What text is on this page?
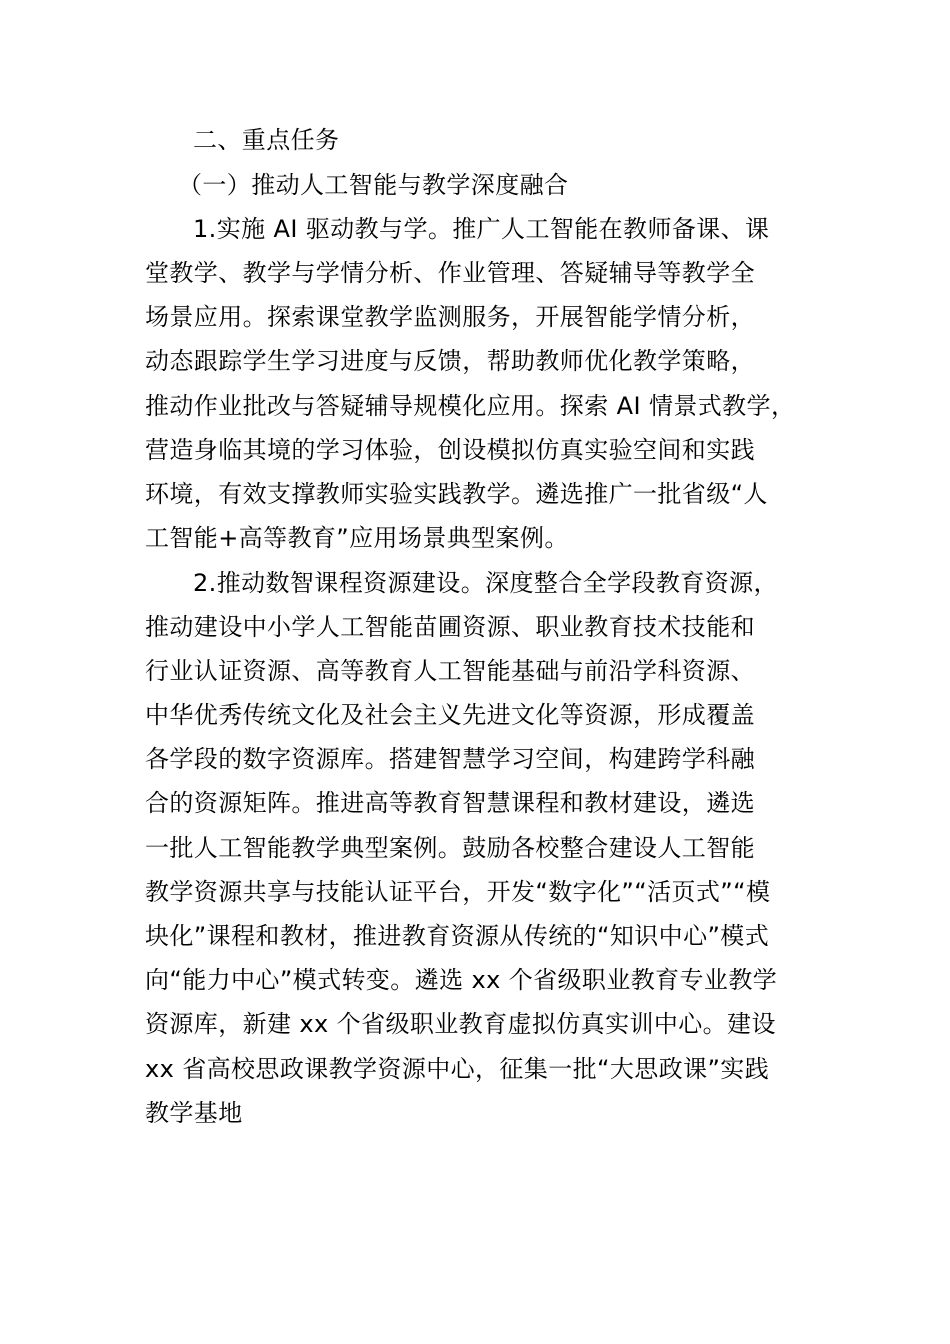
二、重点任务
（一）推动人工智能与教学深度融合
1.实施 AI 驱动教与学。推广人工智能在教师备课、课
堂教学、教学与学情分析、作业管理、答疑辅导等教学全
场景应用。探索课堂教学监测服务，开展智能学情分析，
动态跟踪学生学习进度与反馈，帮助教师优化教学策略，
推动作业批改与答疑辅导规模化应用。探索 AI 情景式教学，
营造身临其境的学习体验，创设模拟仿真实验空间和实践
环境，有效支撑教师实验实践教学。遴选推广一批省级“人
工智能+高等教育”应用场景典型案例。
2.推动数智课程资源建设。深度整合全学段教育资源，
推动建设中小学人工智能苗圃资源、职业教育技术技能和
行业认证资源、高等教育人工智能基础与前沿学科资源、
中华优秀传统文化及社会主义先进文化等资源，形成覆盖
各学段的数字资源库。搭建智慧学习空间，构建跨学科融
合的资源矩阵。推进高等教育智慧课程和教材建设，遴选
一批人工智能教学典型案例。鼓励各校整合建设人工智能
教学资源共享与技能认证平台，开发“数字化”“活页式”“模
块化”课程和教材，推进教育资源从传统的“知识中心”模式
向“能力中心”模式转变。遴选 xx 个省级职业教育专业教学
资源库，新建 xx 个省级职业教育虚拟仿真实训中心。建设
xx 省高校思政课教学资源中心，征集一批“大思政课”实践
教学基地
